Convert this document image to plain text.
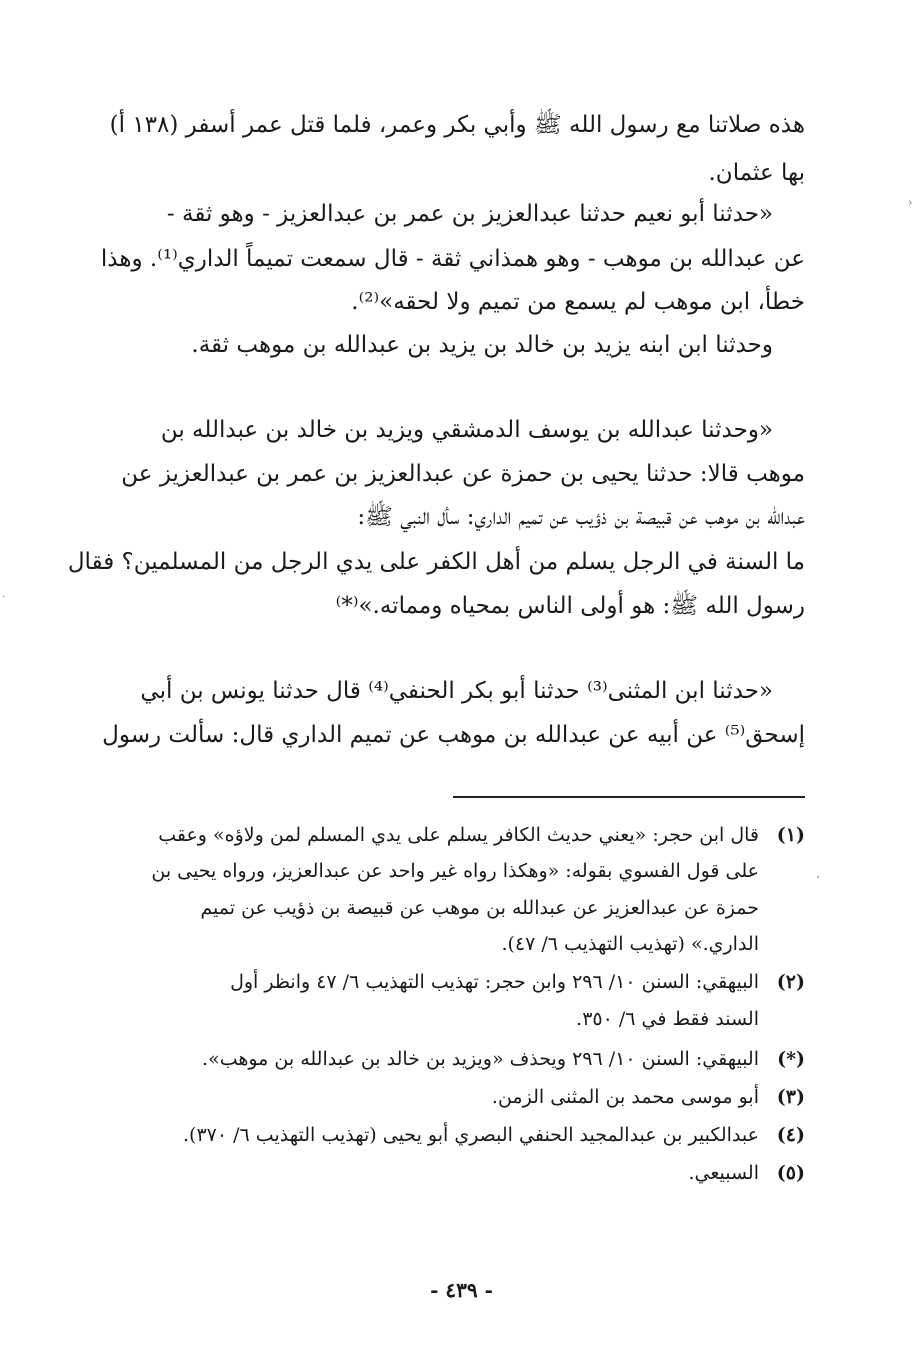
هذه صلاتنا مع رسول الله ﷺ وأبي بكر وعمر، فلما قتل عمر أسفر (١٣٨ أ)
بها عثمان.
«حدثنا أبو نعيم حدثنا عبدالعزيز بن عمر بن عبدالعزيز - وهو ثقة -
عن عبدالله بن موهب - وهو همذاني ثقة - قال سمعت تميماً الداري⁽¹⁾. وهذا
خطأ، ابن موهب لم يسمع من تميم ولا لحقه»⁽²⁾.
وحدثنا ابن ابنه يزيد بن خالد بن يزيد بن عبدالله بن موهب ثقة.
«وحدثنا عبدالله بن يوسف الدمشقي ويزيد بن خالد بن عبدالله بن
موهب قالا: حدثنا يحيى بن حمزة عن عبدالعزيز بن عمر بن عبدالعزيز عن
عبدالله بن موهب عن قبيصة بن ذؤيب عن تميم الداري: سأل النبي ﷺ:
ما السنة في الرجل يسلم من أهل الكفر على يدي الرجل من المسلمين؟ فقال
رسول الله ﷺ: هو أولى الناس بمحياه ومماته.»⁽*⁾
«حدثنا ابن المثنى⁽³⁾ حدثنا أبو بكر الحنفي⁽⁴⁾ قال حدثنا يونس بن أبي
إسحق⁽⁵⁾ عن أبيه عن عبدالله بن موهب عن تميم الداري قال: سألت رسول
(١)قال ابن حجر: «يعني حديث الكافر يسلم على يدي المسلم لمن ولاؤه» وعقب
على قول الفسوي بقوله: «وهكذا رواه غير واحد عن عبدالعزيز، ورواه يحيى بن
حمزة عن عبدالعزيز عن عبدالله بن موهب عن قبيصة بن ذؤيب عن تميم
الداري.» (تهذيب التهذيب ٦/ ٤٧).
(٢)البيهقي: السنن ١٠/ ٢٩٦ وابن حجر: تهذيب التهذيب ٦/ ٤٧ وانظر أول
السند فقط في ٦/ ٣٥٠.
(*)البيهقي: السنن ١٠/ ٢٩٦ ويحذف «ويزيد بن خالد بن عبدالله بن موهب».
(٣)أبو موسى محمد بن المثنى الزمن.
(٤)عبدالكبير بن عبدالمجيد الحنفي البصري أبو يحيى (تهذيب التهذيب ٦/ ٣٧٠).
(٥)السبيعي.
- ٤٣٩ -
‹
·
،
